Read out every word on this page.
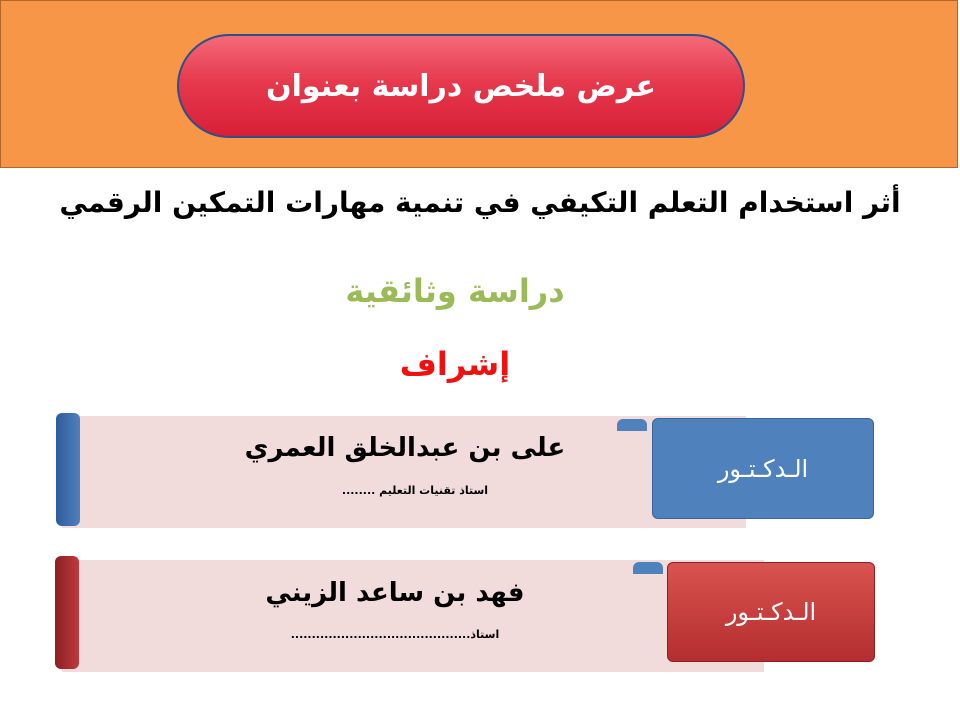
عرض ملخص دراسة بعنوان
أثر استخدام التعلم التكيفي في تنمية مهارات التمكين الرقمي
دراسة وثائقية
إشراف
على بن عبدالخلق العمري
استاذ تقنيات التعليم ........
الـدكـتـور
فهد بن ساعد الزيني
استاذ...........................................
الـدكـتـور
